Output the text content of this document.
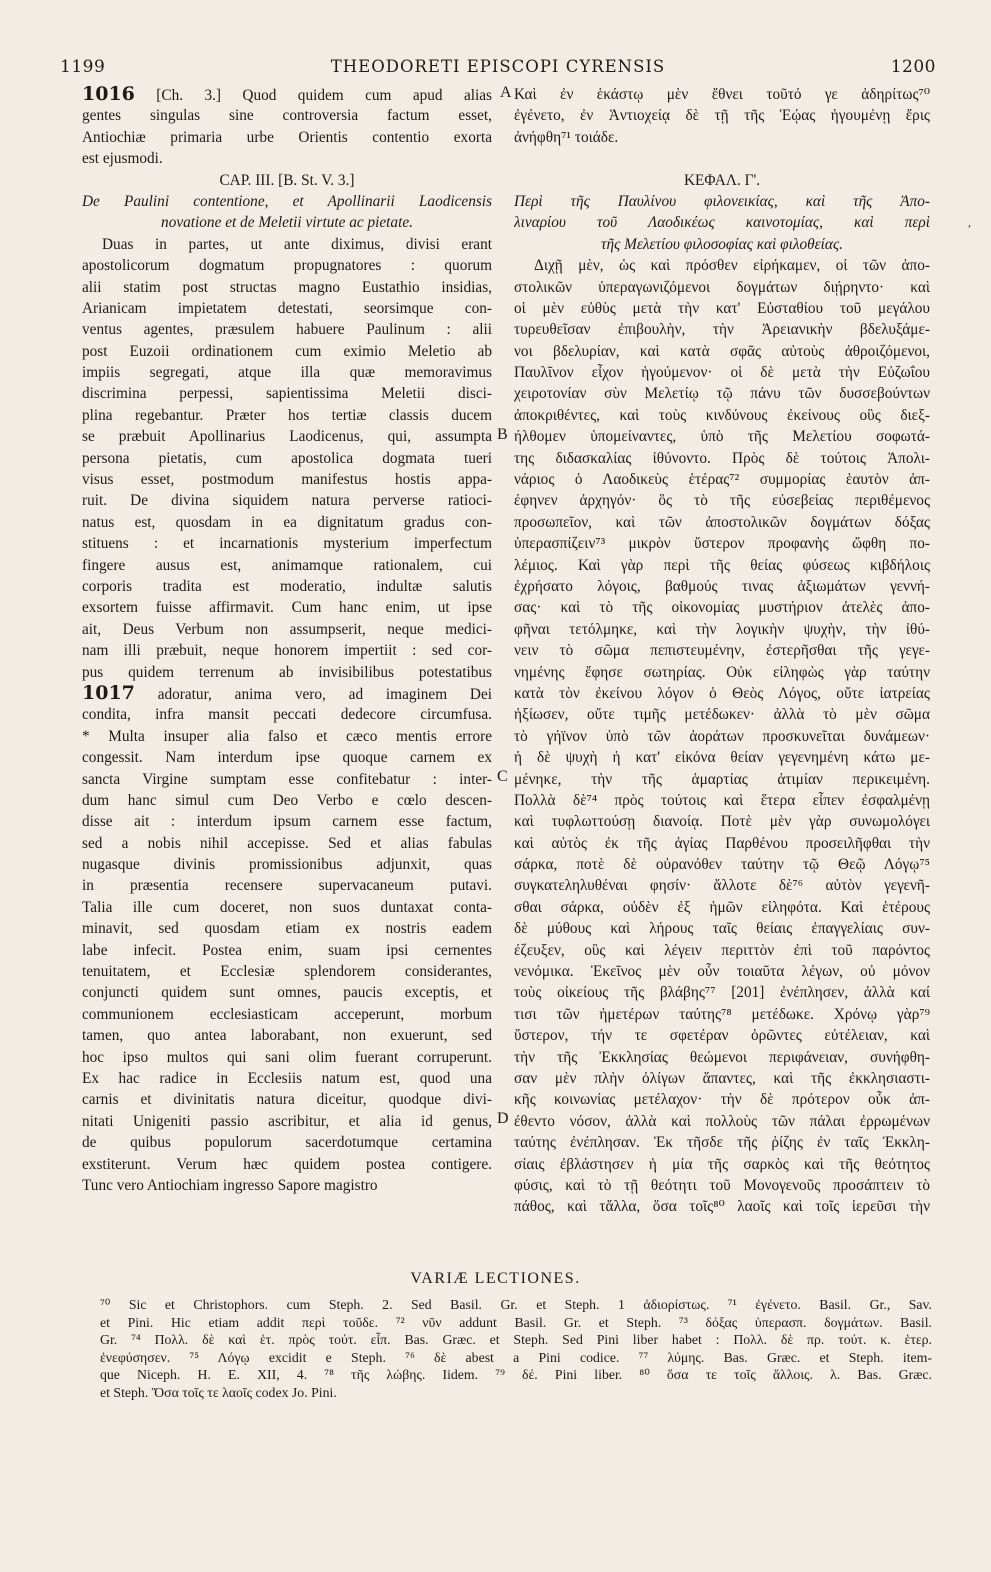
1199	THEODORETI EPISCOPI CYRENSIS	1200
1016 [Ch. 3.] Quod quidem cum apud alias
gentes singulas sine controversia factum esset,
Antiochiæ primaria urbe Orientis contentio exorta
est ejusmodi.
CAP. III. [B. St. V. 3.]
De Paulini contentione, et Apollinarii Laodicensis
novatione et de Meletii virtute ac pietate.
Duas in partes, ut ante diximus, divisi erant
apostolicorum dogmatum propugnatores : quorum
alii statim post structas magno Eustathio insidias,
Arianicam impietatem detestati, seorsimque con-
ventus agentes, præsulem habuere Paulinum : alii
post Euzoii ordinationem cum eximio Meletio ab
impiis segregati, atque illa quæ memoravimus
discrimina perpessi, sapientissima Meletii disci-
plina regebantur. Præter hos tertiæ classis ducem
se præbuit Apollinarius Laodicenus, qui, assumpta
persona pietatis, cum apostolica dogmata tueri
visus esset, postmodum manifestus hostis appa-
ruit. De divina siquidem natura perverse ratioci-
natus est, quosdam in ea dignitatum gradus con-
stituens : et incarnationis mysterium imperfectum
fingere ausus est, animamque rationalem, cui
corporis tradita est moderatio, indultæ salutis
exsortem fuisse affirmavit. Cum hanc enim, ut ipse
ait, Deus Verbum non assumpserit, neque medici-
nam illi præbuit, neque honorem impertiit : sed cor-
pus quidem terrenum ab invisibilibus potestatibus
1017 adoratur, anima vero, ad imaginem Dei
condita, infra mansit peccati dedecore circumfusa.
* Multa insuper alia falso et cæco mentis errore
congessit. Nam interdum ipse quoque carnem ex
sancta Virgine sumptam esse confitebatur : inter-
dum hanc simul cum Deo Verbo e cœlo descen-
disse ait : interdum ipsum carnem esse factum,
sed a nobis nihil accepisse. Sed et alias fabulas
nugasque divinis promissionibus adjunxit, quas
in præsentia recensere supervacaneum putavi.
Talia ille cum doceret, non suos duntaxat conta-
minavit, sed quosdam etiam ex nostris eadem
labe infecit. Postea enim, suam ipsi cernentes
tenuitatem, et Ecclesiæ splendorem considerantes,
conjuncti quidem sunt omnes, paucis exceptis, et
communionem ecclesiasticam acceperunt, morbum
tamen, quo antea laborabant, non exuerunt, sed
hoc ipso multos qui sani olim fuerant corruperunt.
Ex hac radice in Ecclesiis natum est, quod una
carnis et divinitatis natura diceitur, quodque divi-
nitati Unigeniti passio ascribitur, et alia id genus,
de quibus populorum sacerdotumque certamina
exstiterunt. Verum hæc quidem postea contigere.
Tunc vero Antiochiam ingresso Sapore magistro
Καὶ ἐν ἑκάστῳ μὲν ἔθνει τοῦτό γε ἀδηρίτως⁷⁰
ἐγένετο, ἐν Ἀντιοχείᾳ δὲ τῇ τῆς Ἑῴας ἡγουμένῃ ἔρις
ἀνήφθη⁷¹ τοιάδε.
ΚΕΦΑΛ. Γ'.
Περὶ τῆς Παυλίνου φιλονεικίας, καὶ τῆς Ἀπο-
λιναρίου τοῦ Λαοδικέως καινοτομίας, καὶ περὶ
τῆς Μελετίου φιλοσοφίας καὶ φιλοθείας.
Διχῇ μὲν, ὡς καὶ πρόσθεν εἰρήκαμεν, οἱ τῶν ἀπο-
στολικῶν ὑπεραγωνιζόμενοι δογμάτων διῄρηντο· καὶ
οἱ μὲν εὐθὺς μετὰ τὴν κατ' Εὐσταθίου τοῦ μεγάλου
τυρευθεῖσαν ἐπιβουλὴν, τὴν Ἀρειανικὴν βδελυξάμε-
νοι βδελυρίαν, καὶ κατὰ σφᾶς αὐτοὺς ἀθροιζόμενοι,
Παυλῖνον εἶχον ἡγούμενον· οἱ δὲ μετὰ τὴν Εὐζωΐου
χειροτονίαν σὺν Μελετίῳ τῷ πάνυ τῶν δυσσεβούντων
ἀποκριθέντες, καὶ τοὺς κινδύνους ἐκείνους οὓς διεξ-
ήλθομεν ὑπομείναντες, ὑπὸ τῆς Μελετίου σοφωτά-
της διδασκαλίας ἰθύνοντο. Πρὸς δὲ τούτοις Ἀπολι-
νάριος ὁ Λαοδικεὺς ἑτέρας⁷² συμμορίας ἑαυτὸν ἀπ-
έφηνεν ἀρχηγόν· ὃς τὸ τῆς εὐσεβείας περιθέμενος
προσωπεῖον, καὶ τῶν ἀποστολικῶν δογμάτων δόξας
ὑπερασπίζειν⁷³ μικρὸν ὕστερον προφανὴς ὤφθη πο-
λέμιος. Καὶ γὰρ περὶ τῆς θείας φύσεως κιβδήλοις
ἐχρήσατο λόγοις, βαθμούς τινας ἀξιωμάτων γεννή-
σας· καὶ τὸ τῆς οἰκονομίας μυστήριον ἀτελὲς ἀπο-
φῆναι τετόλμηκε, καὶ τὴν λογικὴν ψυχὴν, τὴν ἰθύ-
νειν τὸ σῶμα πεπιστευμένην, ἐστερῆσθαι τῆς γεγε-
νημένης ἔφησε σωτηρίας. Οὐκ εἰληφὼς γὰρ ταύτην
κατὰ τὸν ἐκείνου λόγον ὁ Θεὸς Λόγος, οὔτε ἰατρείας
ἠξίωσεν, οὔτε τιμῆς μετέδωκεν· ἀλλὰ τὸ μὲν σῶμα
τὸ γήϊνον ὑπὸ τῶν ἀοράτων προσκυνεῖται δυνάμεων·
ἡ δὲ ψυχὴ ἡ κατ' εἰκόνα θείαν γεγενημένη κάτω με-
μένηκε, τὴν τῆς ἁμαρτίας ἀτιμίαν περικειμένη.
Πολλὰ δὲ⁷⁴ πρὸς τούτοις καὶ ἕτερα εἶπεν ἐσφαλμένῃ
καὶ τυφλωττούσῃ διανοίᾳ. Ποτὲ μὲν γὰρ συνωμολόγει
καὶ αὐτὸς ἐκ τῆς ἁγίας Παρθένου προσειλῆφθαι τὴν
σάρκα, ποτὲ δὲ οὐρανόθεν ταύτην τῷ Θεῷ Λόγῳ⁷⁵
συγκατεληλυθέναι φησίν· ἄλλοτε δὲ⁷⁶ αὐτὸν γεγενῆ-
σθαι σάρκα, οὐδὲν ἐξ ἡμῶν εἰληφότα. Καὶ ἑτέρους
δὲ μύθους καὶ λήρους ταῖς θείαις ἐπαγγελίαις συν-
έζευξεν, οὓς καὶ λέγειν περιττὸν ἐπὶ τοῦ παρόντος
νενόμικα. Ἐκεῖνος μὲν οὖν τοιαῦτα λέγων, οὐ μόνον
τοὺς οἰκείους τῆς βλάβης⁷⁷ [201] ἐνέπλησεν, ἀλλὰ καί
τισι τῶν ἡμετέρων ταύτης⁷⁸ μετέδωκε. Χρόνῳ γὰρ⁷⁹
ὕστερον, τήν τε σφετέραν ὁρῶντες εὐτέλειαν, καὶ
τὴν τῆς Ἐκκλησίας θεώμενοι περιφάνειαν, συνήφθη-
σαν μὲν πλὴν ὀλίγων ἅπαντες, καὶ τῆς ἐκκλησιαστι-
κῆς κοινωνίας μετέλαχον· τὴν δὲ πρότερον οὖκ ἀπ-
έθεντο νόσον, ἀλλὰ καὶ πολλοὺς τῶν πάλαι ἐρρωμένων
ταύτης ἐνέπλησαν. Ἐκ τῆσδε τῆς ῥίζης ἐν ταῖς Ἐκκλη-
σίαις ἐβλάστησεν ἡ μία τῆς σαρκὸς καὶ τῆς θεότητος
φύσις, καὶ τὸ τῇ θεότητι τοῦ Μονογενοῦς προσάπτειν τὸ
πάθος, καὶ τἄλλα, ὅσα τοῖς⁸⁰ λαοῖς καὶ τοῖς ἱερεῦσι τὴν
A
B
C
D
,
VARIÆ LECTIONES.
⁷⁰ Sic et Christophors. cum Steph. 2. Sed Basil. Gr. et Steph. 1 ἀδιορίστως. ⁷¹ ἐγένετο. Basil. Gr., Sav.
et Pini. Hic etiam addit περὶ τοῦδε. ⁷² νῦν addunt Basil. Gr. et Steph. ⁷³ δόξας ὑπερασπ. δογμάτων. Basil.
Gr. ⁷⁴ Πολλ. δὲ καὶ ἑτ. πρὸς τούτ. εἶπ. Bas. Græc. et Steph. Sed Pini liber habet : Πολλ. δὲ πρ. τούτ. κ. ἑτερ.
ἐνεφύσησεν. ⁷⁵ Λόγῳ excidit e Steph. ⁷⁶ δὲ abest a Pini codice. ⁷⁷ λύμης. Bas. Græc. et Steph. item-
que Niceph. H. E. XII, 4. ⁷⁸ τῆς λώβης. Iidem. ⁷⁹ δέ. Pini liber. ⁸⁰ ὅσα τε τοῖς ἄλλοις. λ. Bas. Græc.
et Steph. Ὅσα τοῖς τε λαοῖς codex Jo. Pini.
